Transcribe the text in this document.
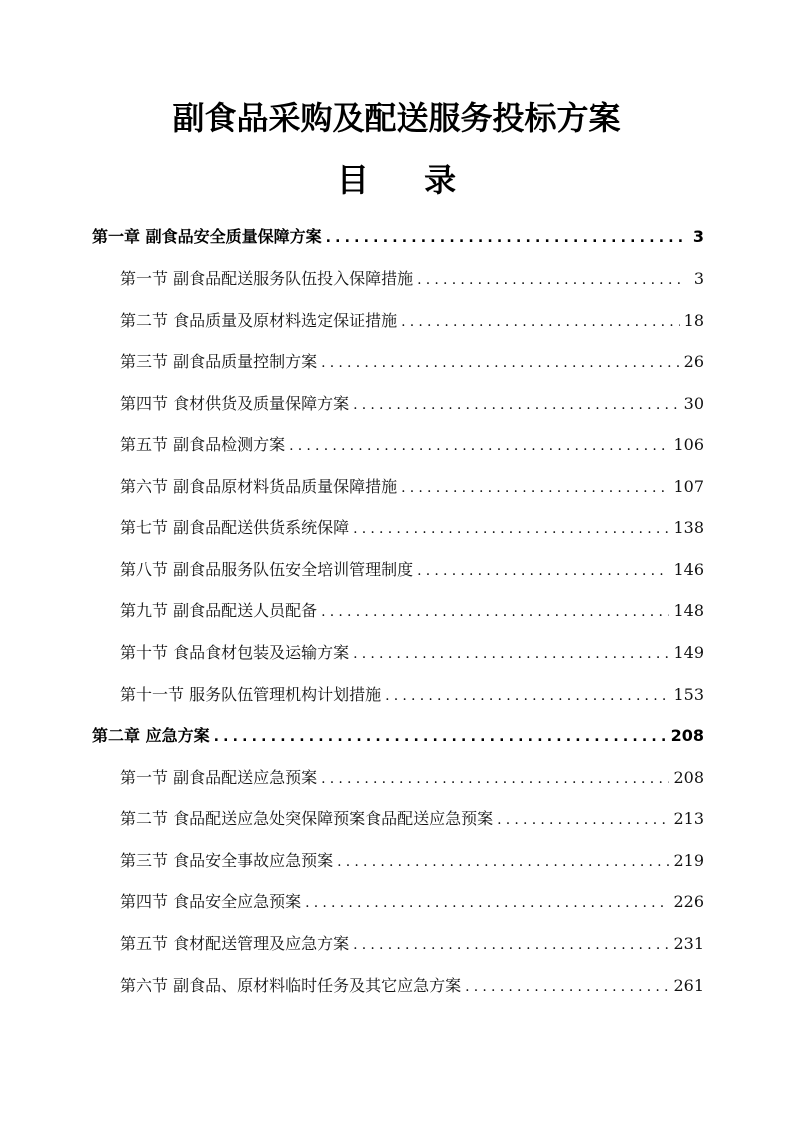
副食品采购及配送服务投标方案
目 录
第一章 副食品安全质量保障方案 .....	3
第一节 副食品配送服务队伍投入保障措施 .....	3
第二节 食品质量及原材料选定保证措施 .....	18
第三节 副食品质量控制方案 .....	26
第四节 食材供货及质量保障方案 .....	30
第五节 副食品检测方案 .....	106
第六节 副食品原材料货品质量保障措施 .....	107
第七节 副食品配送供货系统保障 .....	138
第八节 副食品服务队伍安全培训管理制度 .....	146
第九节 副食品配送人员配备 .....	148
第十节 食品食材包装及运输方案 .....	149
第十一节 服务队伍管理机构计划措施 .....	153
第二章 应急方案 .....	208
第一节 副食品配送应急预案 .....	208
第二节 食品配送应急处突保障预案食品配送应急预案 .....	213
第三节 食品安全事故应急预案 .....	219
第四节 食品安全应急预案 .....	226
第五节 食材配送管理及应急方案 .....	231
第六节 副食品、原材料临时任务及其它应急方案 .....	261
